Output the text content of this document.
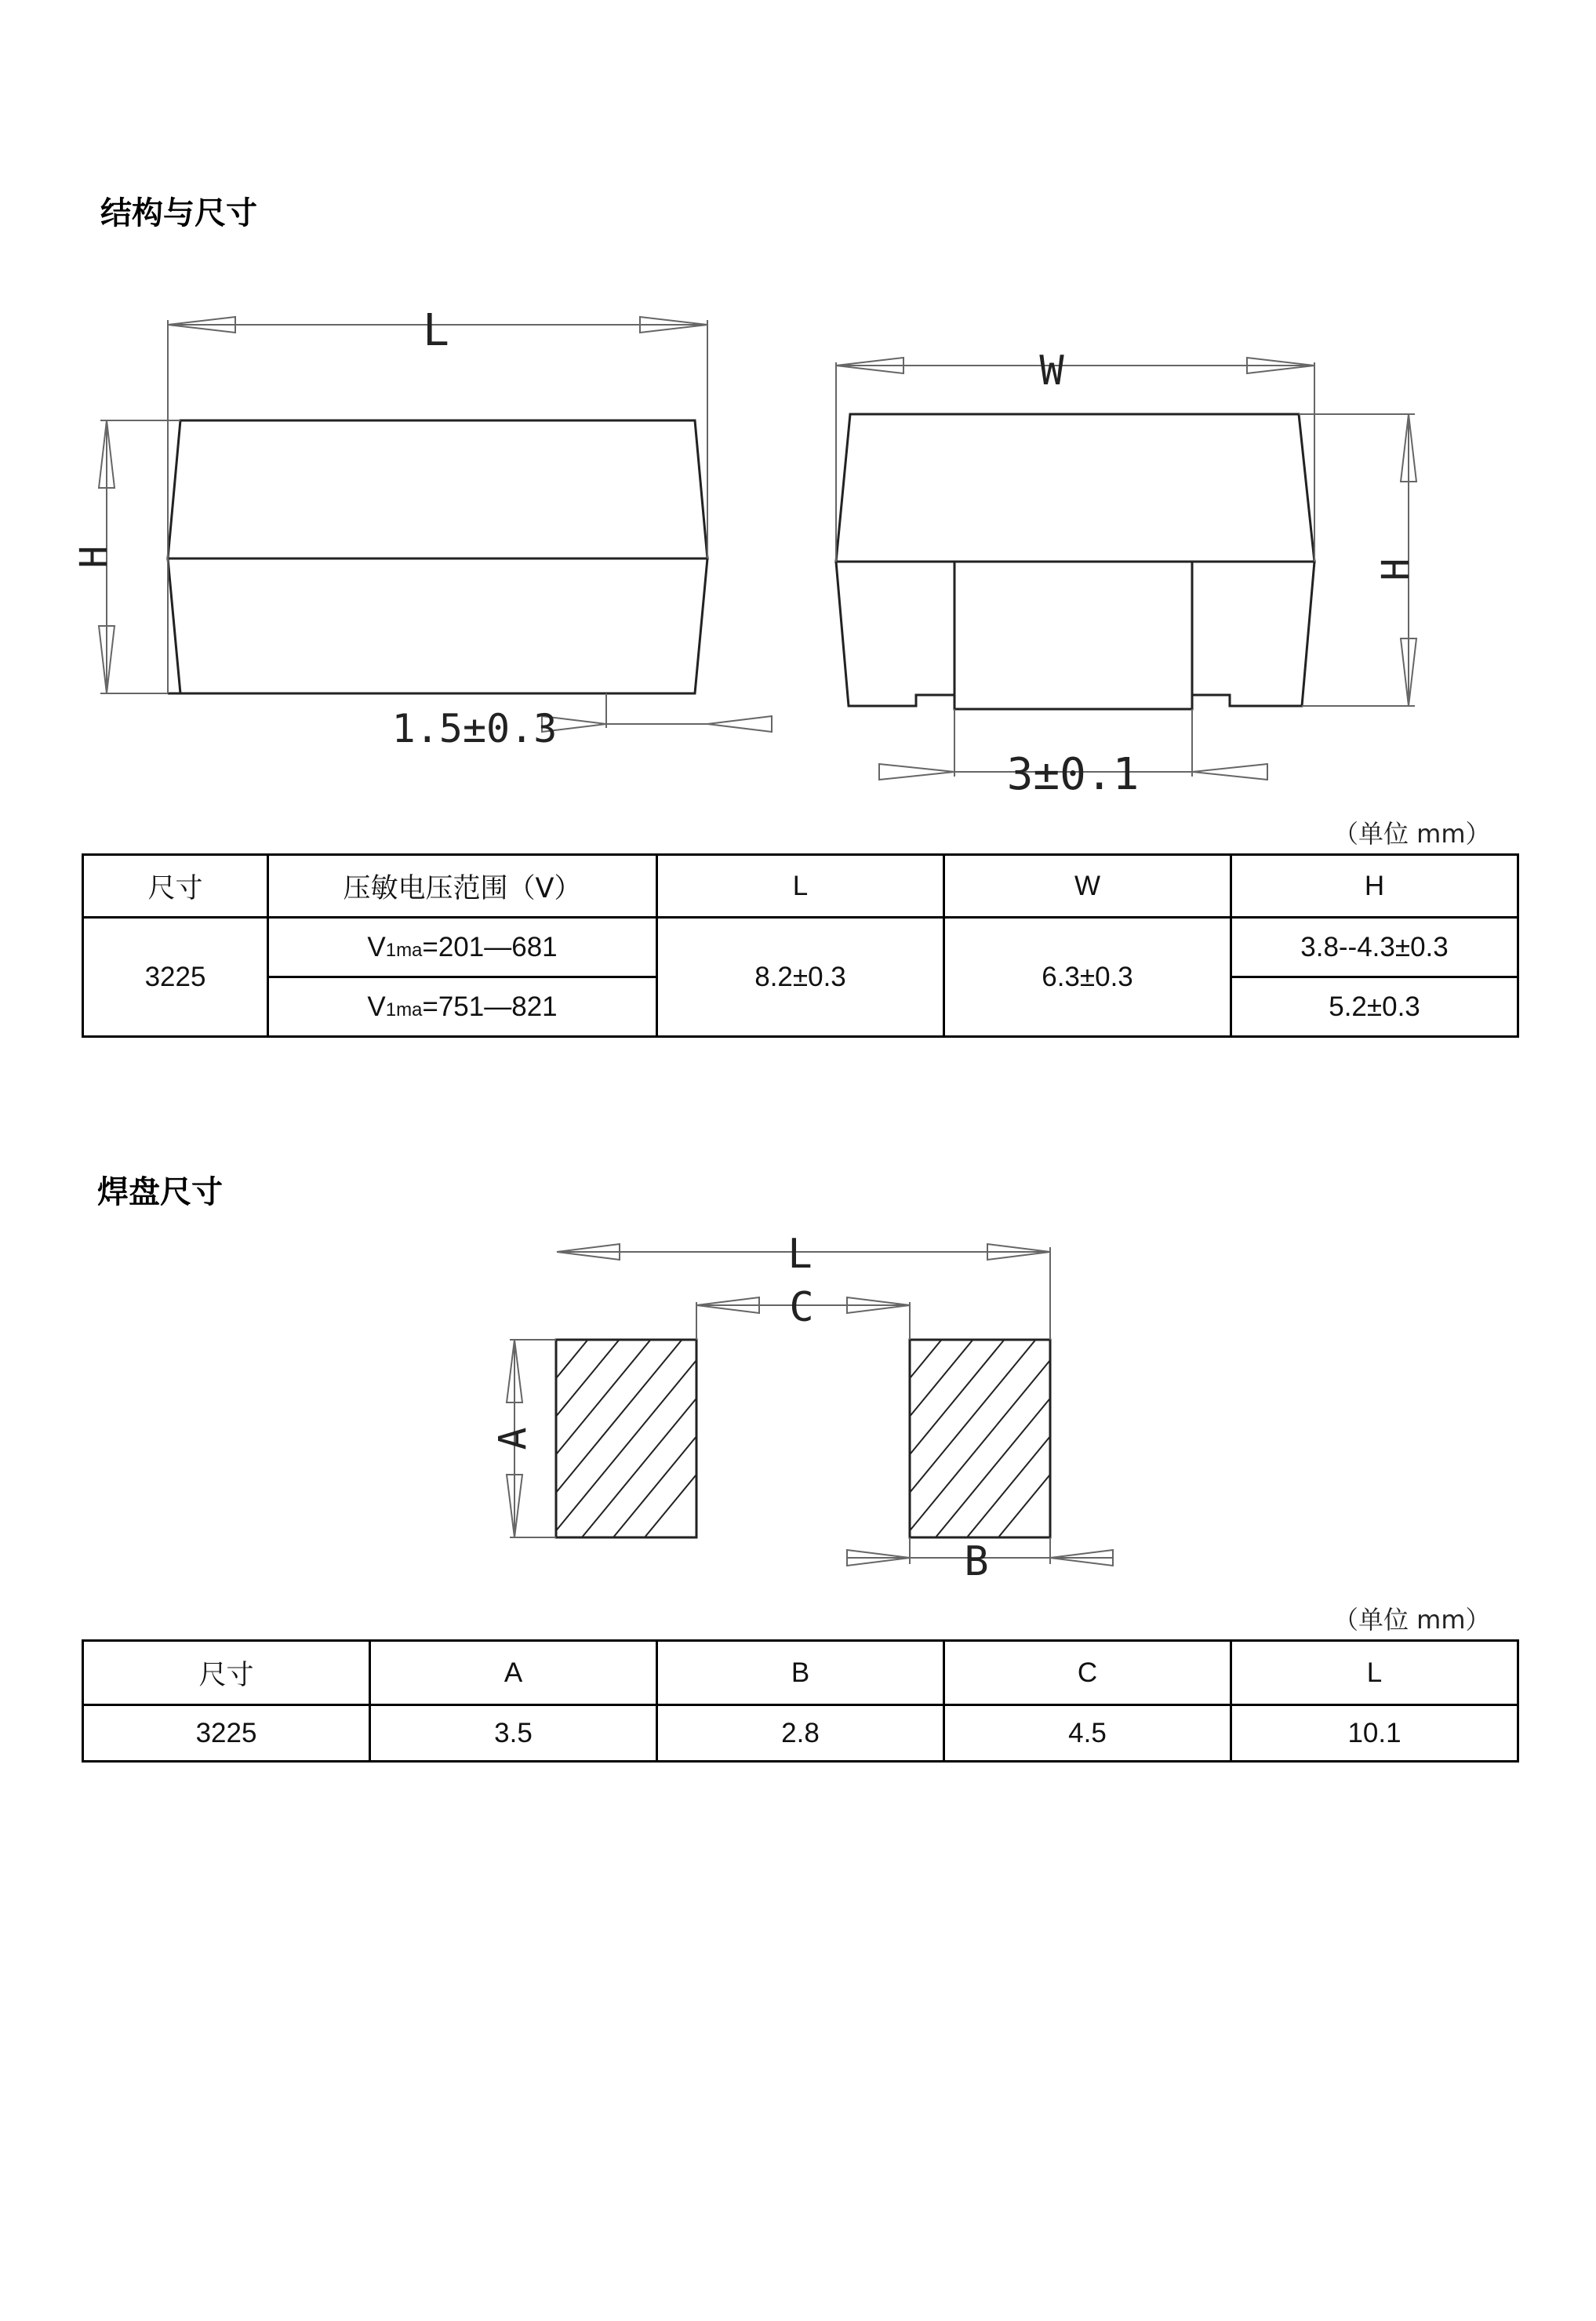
结构与尺寸
L
H
1.5±0.3
W
H
3±0.1
（单位 mm）
尺寸	压敏电压范围（V）	L	W	H
3225	V1ma=201—681	8.2±0.3	6.3±0.3	3.8--4.3±0.3
	V1ma=751—821			5.2±0.3
焊盘尺寸
L
C
A
B
（单位 mm）
尺寸	A	B	C	L
3225	3.5	2.8	4.5	10.1
